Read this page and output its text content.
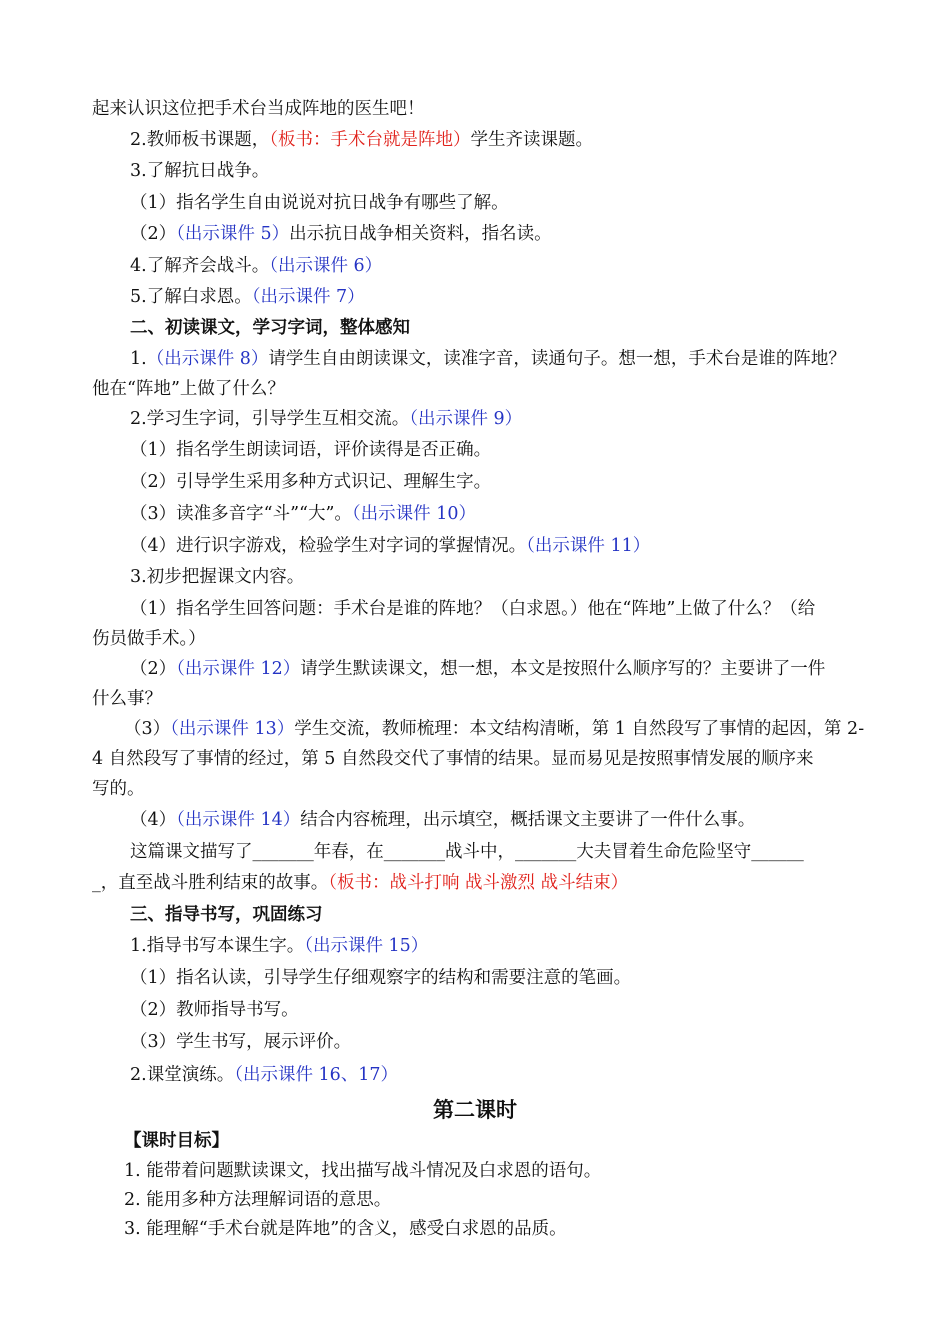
起来认识这位把手术台当成阵地的医生吧！
2.教师板书课题，（板书：手术台就是阵地）学生齐读课题。
3.了解抗日战争。
（1）指名学生自由说说对抗日战争有哪些了解。
（2）（出示课件 5）出示抗日战争相关资料，指名读。
4.了解齐会战斗。（出示课件 6）
5.了解白求恩。（出示课件 7）
二、初读课文，学习字词，整体感知
1.（出示课件 8）请学生自由朗读课文，读准字音，读通句子。想一想，手术台是谁的阵地？
他在“阵地”上做了什么？
2.学习生字词，引导学生互相交流。（出示课件 9）
（1）指名学生朗读词语，评价读得是否正确。
（2）引导学生采用多种方式识记、理解生字。
（3）读准多音字“斗”“大”。（出示课件 10）
（4）进行识字游戏，检验学生对字词的掌握情况。（出示课件 11）
3.初步把握课文内容。
（1）指名学生回答问题：手术台是谁的阵地？（白求恩。）他在“阵地”上做了什么？（给
伤员做手术。）
（2）（出示课件 12）请学生默读课文，想一想，本文是按照什么顺序写的？主要讲了一件
什么事？
（3）（出示课件 13）学生交流，教师梳理：本文结构清晰，第 1 自然段写了事情的起因，第 2-
4 自然段写了事情的经过，第 5 自然段交代了事情的结果。显而易见是按照事情发展的顺序来
写的。
（4）（出示课件 14）结合内容梳理，出示填空，概括课文主要讲了一件什么事。
这篇课文描写了_______年春，在_______战斗中，_______大夫冒着生命危险坚守______
_，直至战斗胜利结束的故事。（板书：战斗打响 战斗激烈 战斗结束）
三、指导书写，巩固练习
1.指导书写本课生字。（出示课件 15）
（1）指名认读，引导学生仔细观察字的结构和需要注意的笔画。
（2）教师指导书写。
（3）学生书写，展示评价。
2.课堂演练。（出示课件 16、17）
第二课时
【课时目标】
1. 能带着问题默读课文，找出描写战斗情况及白求恩的语句。
2. 能用多种方法理解词语的意思。
3. 能理解“手术台就是阵地”的含义，感受白求恩的品质。
